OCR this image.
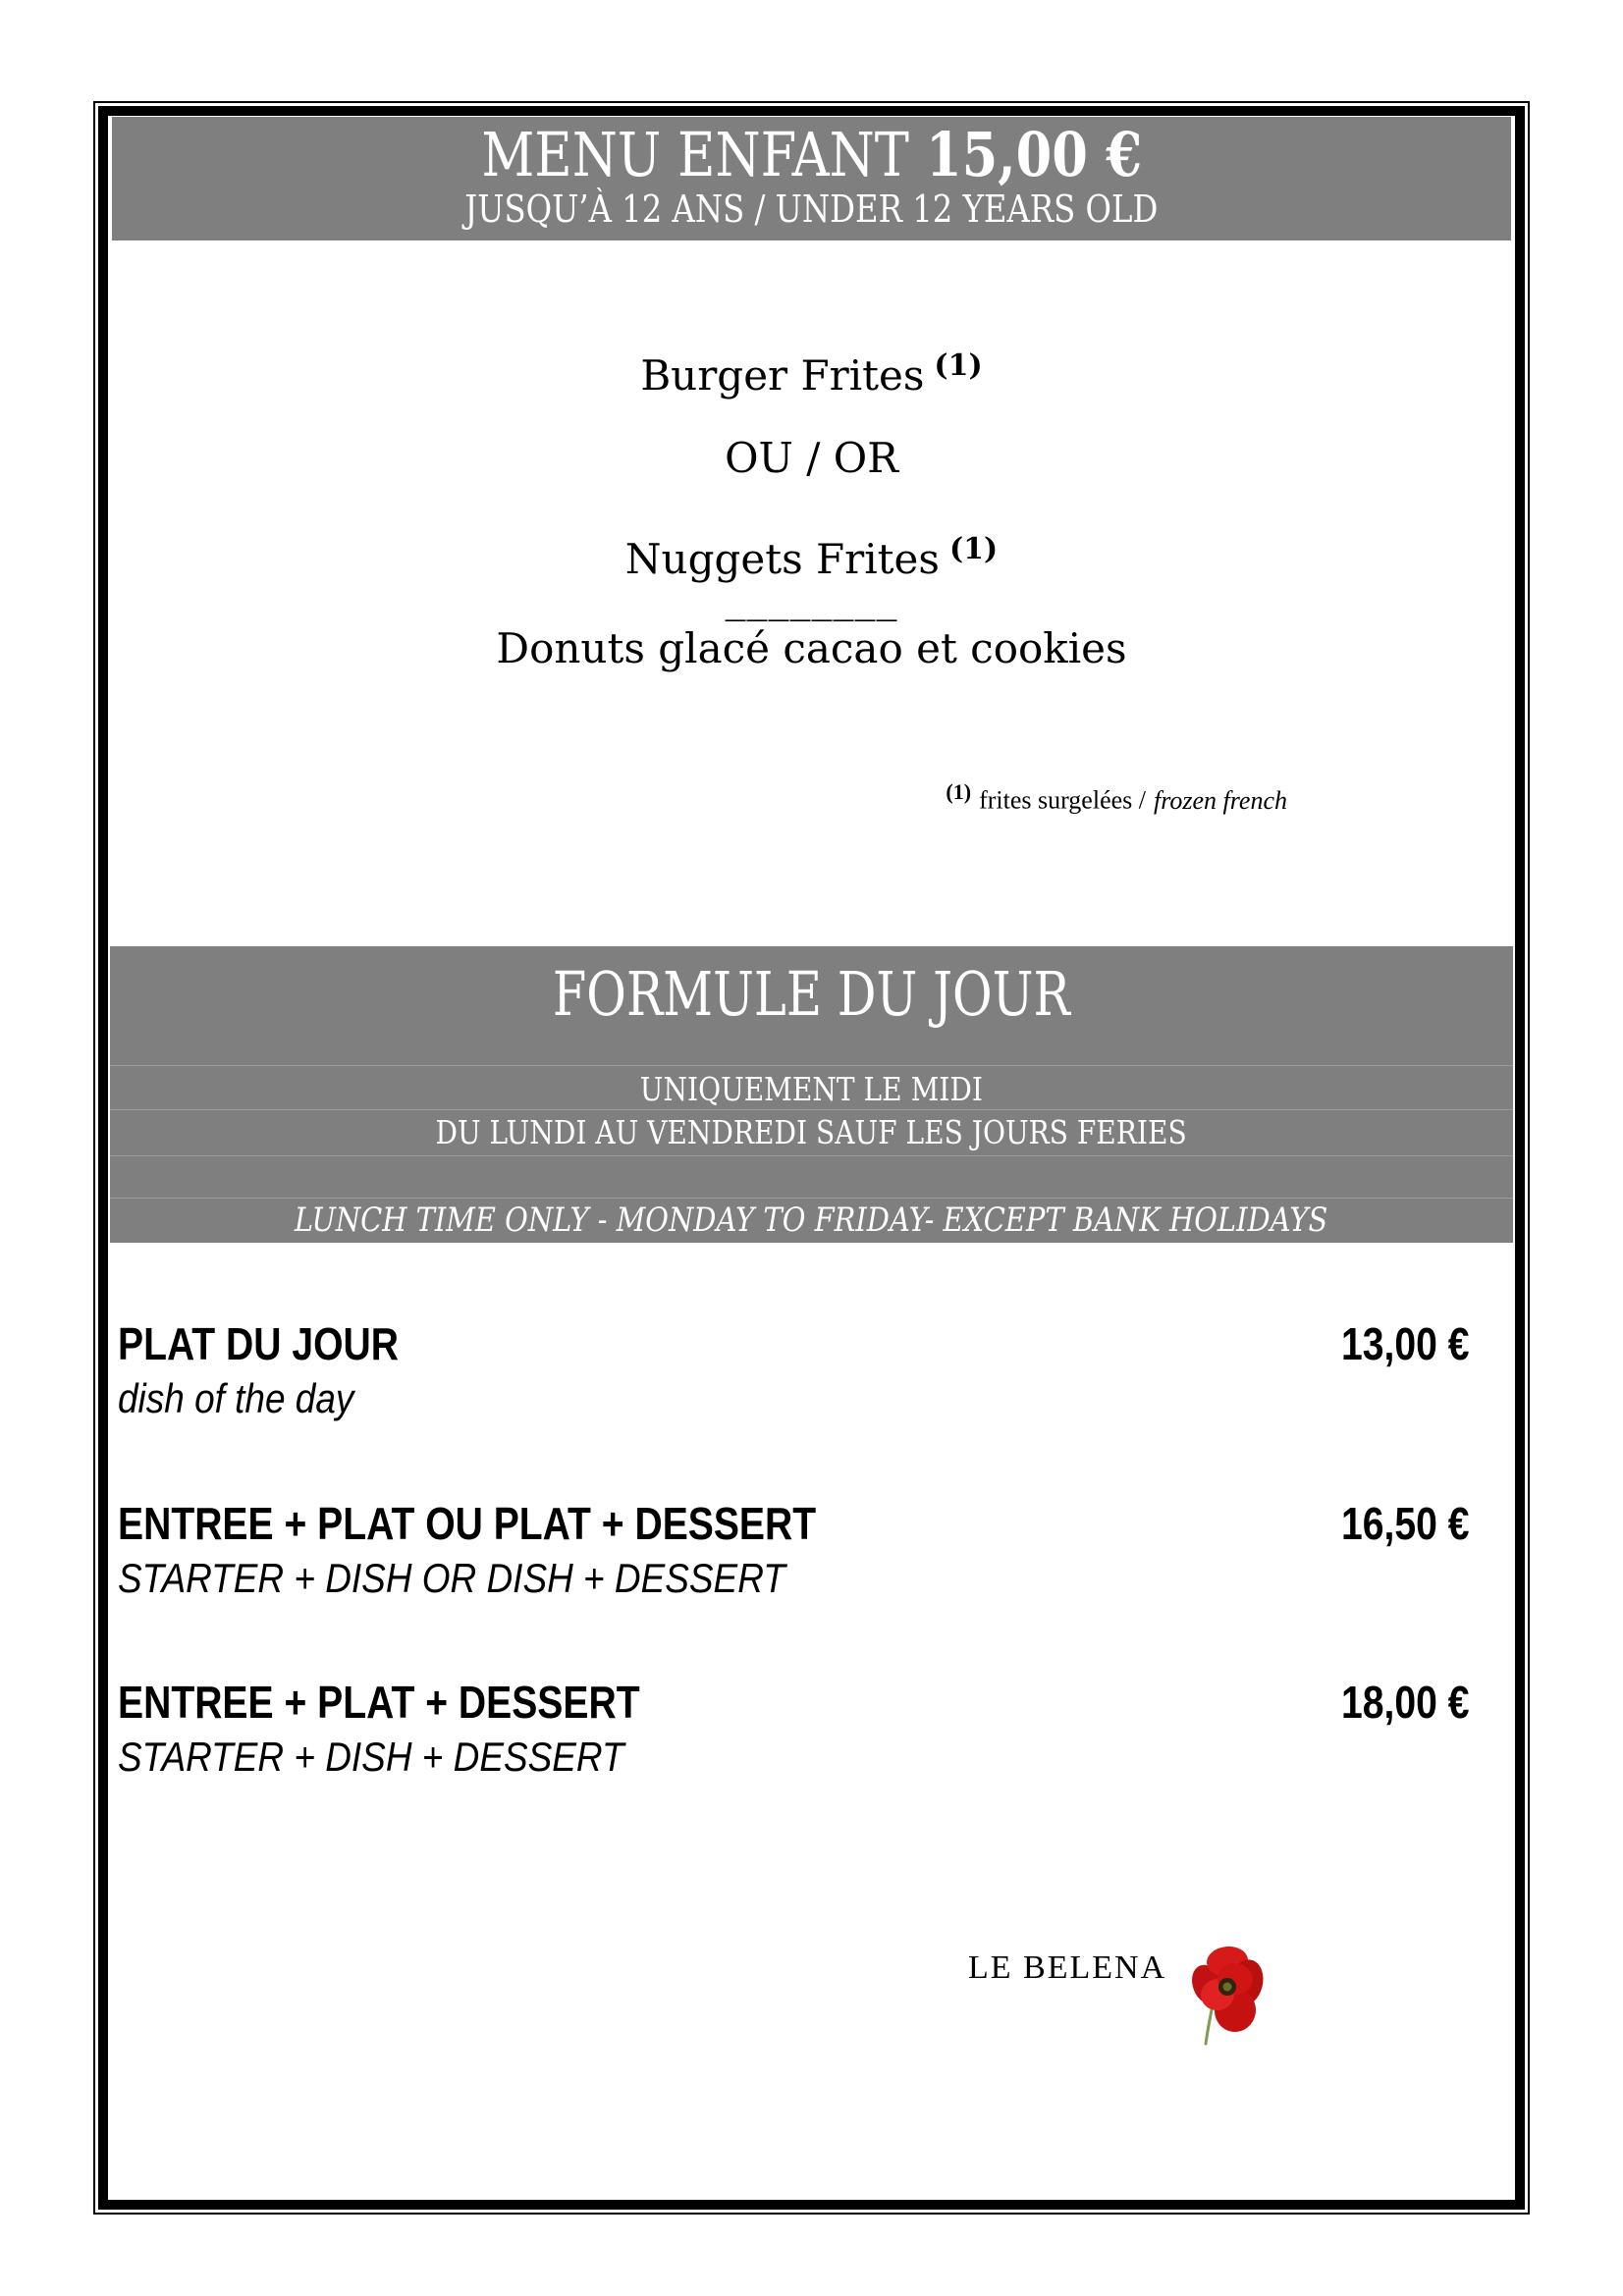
MENU ENFANT 15,00 €
JUSQU’À 12 ANS / UNDER 12 YEARS OLD
Burger Frites $^{(1)}$
OU / OR
Nuggets Frites $^{(1)}$
________
Donuts glacé cacao et cookies
$^{(1)}$ frites surgelées / frozen french
FORMULE DU JOUR
UNIQUEMENT LE MIDI
DU LUNDI AU VENDREDI SAUF LES JOURS FERIES
LUNCH TIME ONLY - MONDAY TO FRIDAY- EXCEPT BANK HOLIDAYS
PLAT DU JOUR	13,00 €
dish of the day
ENTREE + PLAT OU PLAT + DESSERT	16,50 €
STARTER + DISH OR DISH + DESSERT
ENTREE + PLAT + DESSERT	18,00 €
STARTER + DISH + DESSERT
LE BELENA
